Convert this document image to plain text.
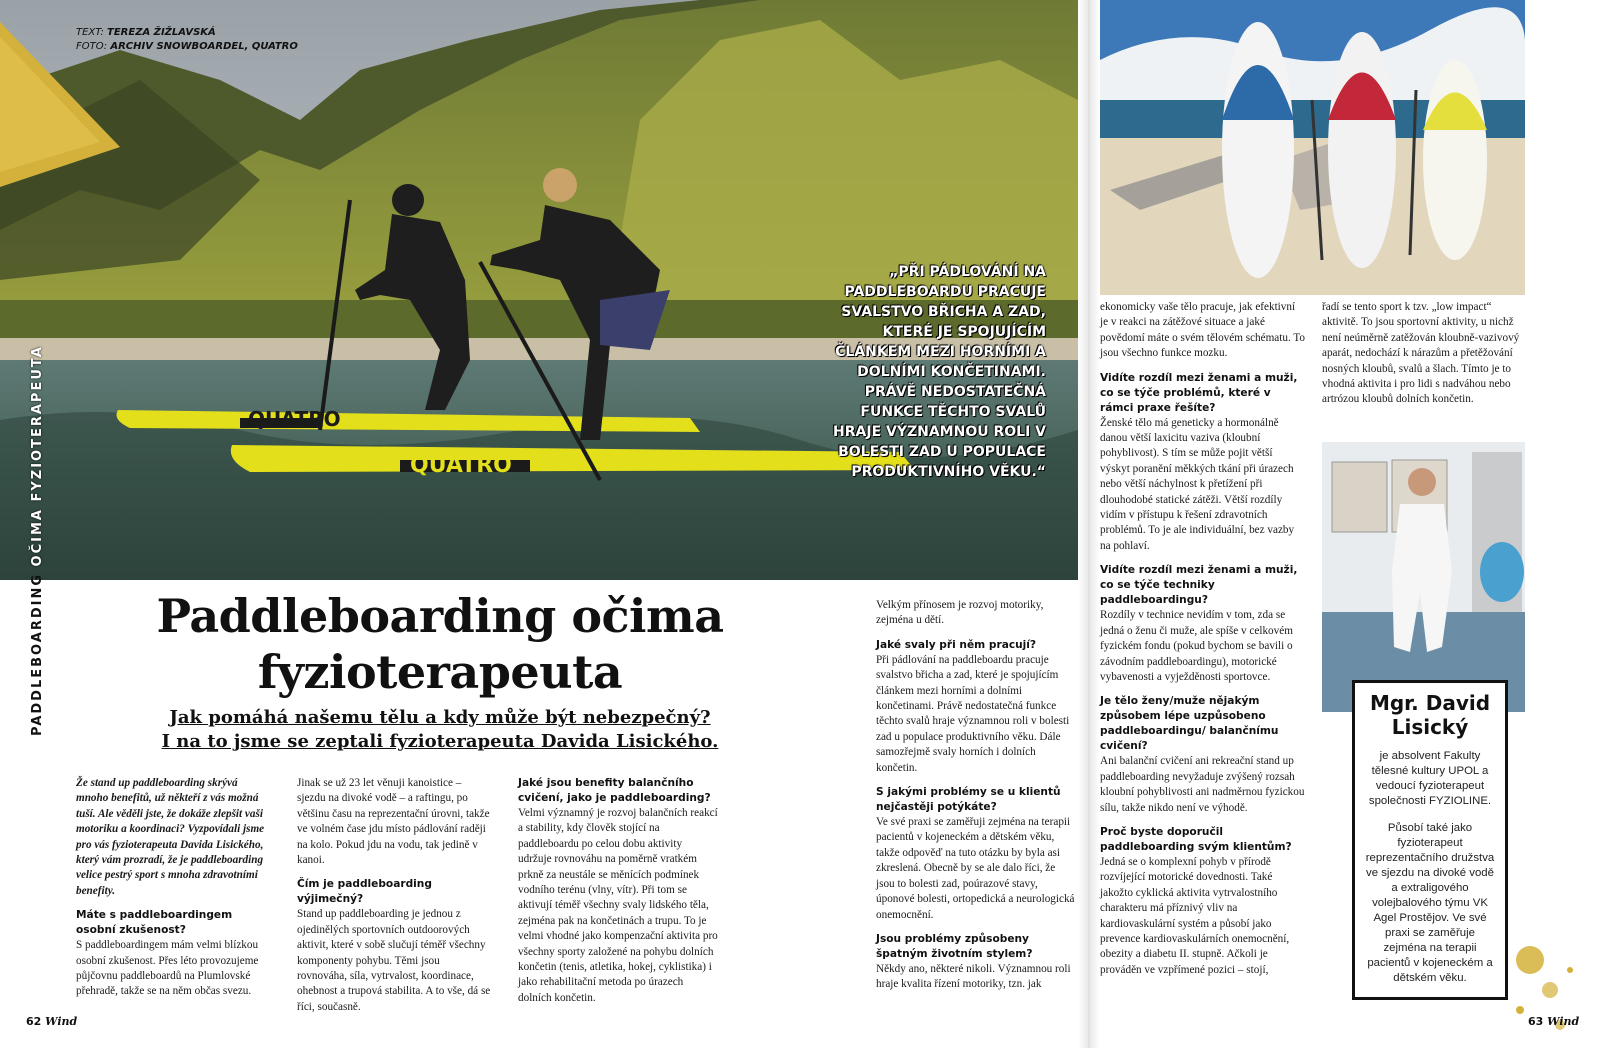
QUATRO
QUATRO
TEXT: TEREZA ŽIŽLAVSKÁ
FOTO: ARCHIV SNOWBOARDEL, QUATRO
„PŘI PÁDLOVÁNÍ NA PADDLEBOARDU PRACUJE SVALSTVO BŘICHA A ZAD, KTERÉ JE SPOJUJÍCÍM ČLÁNKEM MEZI HORNÍMI A DOLNÍMI KONČETINAMI. PRÁVĚ NEDOSTATEČNÁ FUNKCE TĚCHTO SVALŮ HRAJE VÝZNAMNOU ROLI V BOLESTI ZAD U POPULACE PRODUKTIVNÍHO VĚKU.“
PADDLEBOARDING OČIMA FYZIOTERAPEUTA
Paddleboarding očima
fyzioterapeuta
Jak pomáhá našemu tělu a kdy může být nebezpečný?
I na to jsme se zeptali fyzioterapeuta Davida Lisického.

Že stand up paddleboarding skrývá mnoho benefitů, už někteří z vás možná tuší. Ale věděli jste, že dokáže zlepšit vaši motoriku a koordinaci? Vyzpovídali jsme pro vás fyzioterapeuta Davida Lisického, který vám prozradí, že je paddleboarding velice pestrý sport s mnoha zdravotními benefity.

Máte s paddleboardingem osobní zkušenost?

S paddleboardingem mám velmi blízkou osobní zkušenost. Přes léto provozujeme půjčovnu paddleboardů na Plumlovské přehradě, takže se na něm občas svezu.

Jinak se už 23 let věnuji kanoistice – sjezdu na divoké vodě – a raftingu, po většinu času na reprezentační úrovni, takže ve volném čase jdu místo pádlování raději na kolo. Pokud jdu na vodu, tak jedině v kanoi.

Čím je paddleboarding výjimečný?

Stand up paddleboarding je jednou z ojedinělých sportovních outdoorových aktivit, které v sobě slučují téměř všechny komponenty pohybu. Těmi jsou rovnováha, síla, vytrvalost, koordinace, ohebnost a trupová stabilita. A to vše, dá se říci, současně.

Jaké jsou benefity balančního cvičení, jako je paddleboarding?

Velmi významný je rozvoj balančních reakcí a stability, kdy člověk stojící na paddleboardu po celou dobu aktivity udržuje rovnováhu na poměrně vratkém prkně za neustále se měnících podmínek vodního terénu (vlny, vítr). Při tom se aktivují téměř všechny svaly lidského těla, zejména pak na končetinách a trupu. To je velmi vhodné jako kompenzační aktivita pro všechny sporty založené na pohybu dolních končetin (tenis, atletika, hokej, cyklistika) i jako rehabilitační metoda po úrazech dolních končetin.

Velkým přínosem je rozvoj motoriky, zejména u dětí.

Jaké svaly při něm pracují?

Při pádlování na paddleboardu pracuje svalstvo břicha a zad, které je spojujícím článkem mezi horními a dolními končetinami. Právě nedostatečná funkce těchto svalů hraje významnou roli v bolesti zad u populace produktivního věku. Dále samozřejmě svaly horních i dolních končetin.

S jakými problémy se u klientů nejčastěji potýkáte?

Ve své praxi se zaměřuji zejména na terapii pacientů v kojeneckém a dětském věku, takže odpověď na tuto otázku by byla asi zkreslená. Obecně by se ale dalo říci, že jsou to bolesti zad, poúrazové stavy, úponové bolesti, ortopedická a neurologická onemocnění.

Jsou problémy způsobeny špatným životním stylem?

Někdy ano, některé nikoli. Významnou roli hraje kvalita řízení motoriky, tzn. jak

ekonomicky vaše tělo pracuje, jak efektivní je v reakci na zátěžové situace a jaké povědomí máte o svém tělovém schématu. To jsou všechno funkce mozku.

Vidíte rozdíl mezi ženami a muži, co se týče problémů, které v rámci praxe řešíte?

Ženské tělo má geneticky a hormonálně danou větší laxicitu vaziva (kloubní pohyblivost). S tím se může pojit větší výskyt poranění měkkých tkání při úrazech nebo větší náchylnost k přetížení při dlouhodobé statické zátěži. Větší rozdíly vidím v přístupu k řešení zdravotních problémů. To je ale individuální, bez vazby na pohlaví.

Vidíte rozdíl mezi ženami a muži, co se týče techniky paddleboardingu?

Rozdíly v technice nevidím v tom, zda se jedná o ženu či muže, ale spíše v celkovém fyzickém fondu (pokud bychom se bavili o závodním paddleboardingu), motorické vybavenosti a vyježděnosti sportovce.

Je tělo ženy/muže nějakým způsobem lépe uzpůsobeno paddleboardingu/ balančnímu cvičení?

Ani balanční cvičení ani rekreační stand up paddleboarding nevyžaduje zvýšený rozsah kloubní pohyblivosti ani nadměrnou fyzickou sílu, takže nikdo není ve výhodě.

Proč byste doporučil paddleboarding svým klientům?

Jedná se o komplexní pohyb v přírodě rozvíjející motorické dovednosti. Také jakožto cyklická aktivita vytrvalostního charakteru má příznivý vliv na kardiovaskulární systém a působí jako prevence kardiovaskulárních onemocnění, obezity a diabetu II. stupně. Ačkoli je prováděn ve vzpřímené pozici – stojí,

řadí se tento sport k tzv. „low impact“ aktivitě. To jsou sportovní aktivity, u nichž není neúměrně zatěžován kloubně-vazivový aparát, nedochází k nárazům a přetěžování nosných kloubů, svalů a šlach. Tímto je to vhodná aktivita i pro lidi s nadváhou nebo artrózou kloubů dolních končetin.

Mgr. David
Lisický

je absolvent Fakulty tělesné kultury UPOL a vedoucí fyzioterapeut společnosti FYZIOLINE.

Působí také jako fyzioterapeut reprezentačního družstva ve sjezdu na divoké vodě a extraligového volejbalového týmu VK Agel Prostějov. Ve své praxi se zaměřuje zejména na terapii pacientů v kojeneckém a dětském věku.

62 Wind	63 Wind
